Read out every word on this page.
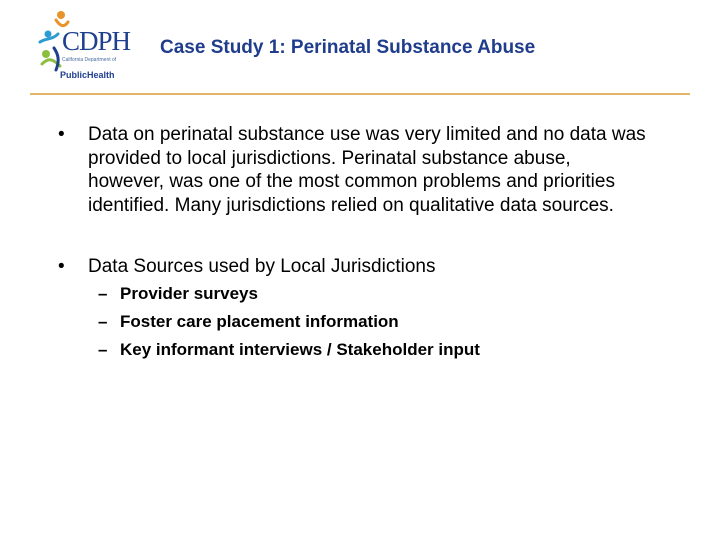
CDPH
California Department of
PublicHealth
Case Study 1: Perinatal Substance Abuse
• Data on perinatal substance use was very limited and no data was
provided to local jurisdictions. Perinatal substance abuse,
however, was one of the most common problems and priorities
identified. Many jurisdictions relied on qualitative data sources.
• Data Sources used by Local Jurisdictions
– Provider surveys
– Foster care placement information
– Key informant interviews / Stakeholder input
